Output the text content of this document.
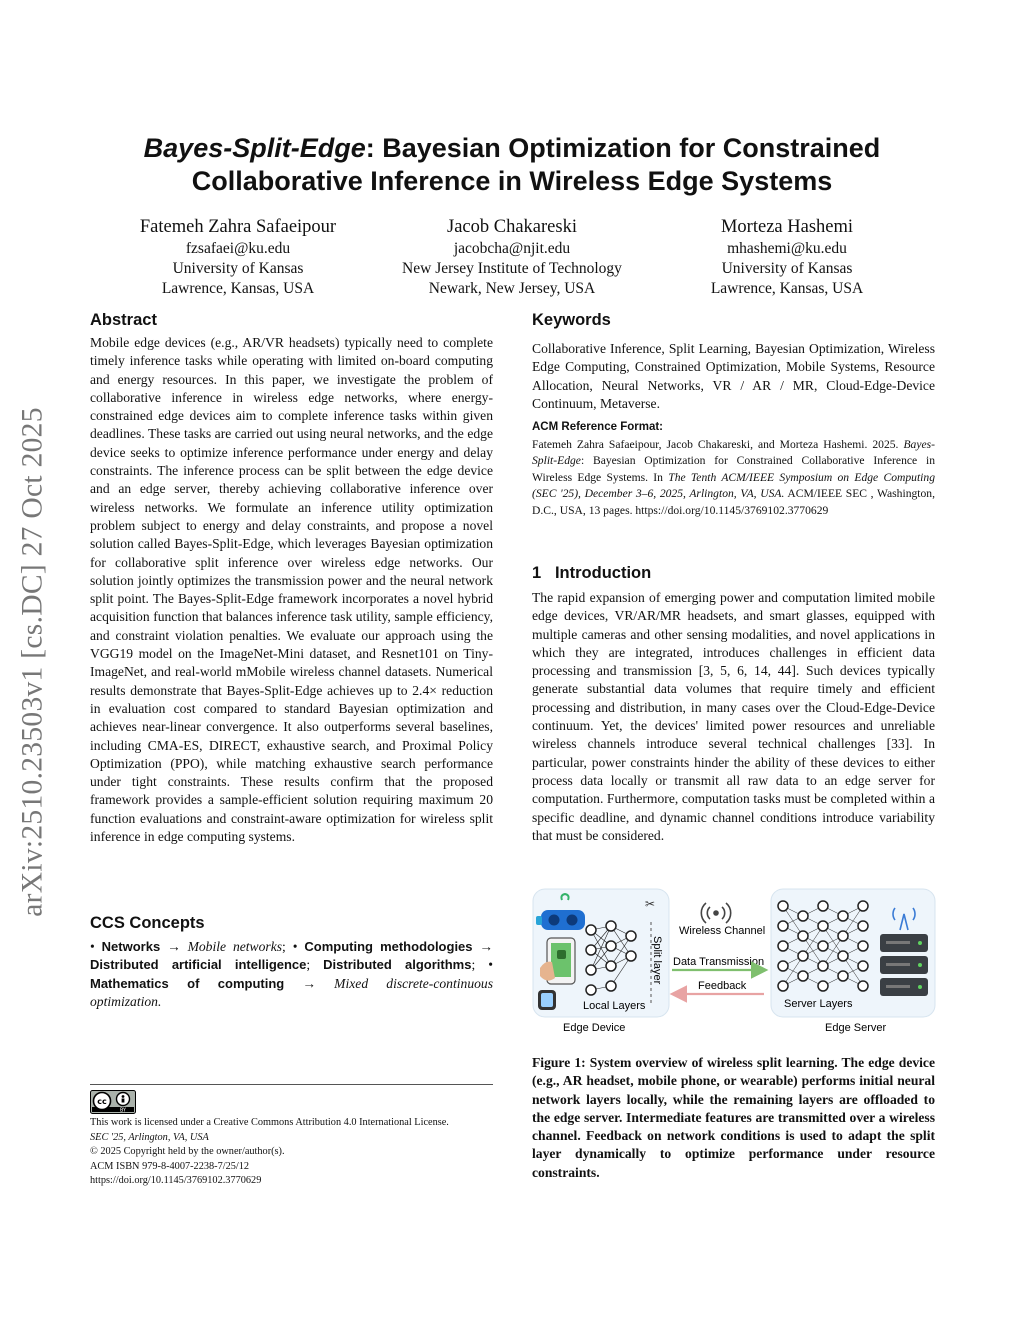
arXiv:2510.23503v1 [cs.DC] 27 Oct 2025
Bayes-Split-Edge: Bayesian Optimization for Constrained
Collaborative Inference in Wireless Edge Systems
Fatemeh Zahra Safaeipour
fzsafaei@ku.edu
University of Kansas
Lawrence, Kansas, USA
Jacob Chakareski
jacobcha@njit.edu
New Jersey Institute of Technology
Newark, New Jersey, USA
Morteza Hashemi
mhashemi@ku.edu
University of Kansas
Lawrence, Kansas, USA
Abstract
Mobile edge devices (e.g., AR/VR headsets) typically need to complete timely inference tasks while operating with limited on-board computing and energy resources. In this paper, we investigate the problem of collaborative inference in wireless edge networks, where energy-constrained edge devices aim to complete inference tasks within given deadlines. These tasks are carried out using neural networks, and the edge device seeks to optimize inference performance under energy and delay constraints. The inference process can be split between the edge device and an edge server, thereby achieving collaborative inference over wireless networks. We formulate an inference utility optimization problem subject to energy and delay constraints, and propose a novel solution called Bayes-Split-Edge, which leverages Bayesian optimization for collaborative split inference over wireless edge networks. Our solution jointly optimizes the transmission power and the neural network split point. The Bayes-Split-Edge framework incorporates a novel hybrid acquisition function that balances inference task utility, sample efficiency, and constraint violation penalties. We evaluate our approach using the VGG19 model on the ImageNet-Mini dataset, and Resnet101 on Tiny-ImageNet, and real-world mMobile wireless channel datasets. Numerical results demonstrate that Bayes-Split-Edge achieves up to 2.4× reduction in evaluation cost compared to standard Bayesian optimization and achieves near-linear convergence. It also outperforms several baselines, including CMA-ES, DIRECT, exhaustive search, and Proximal Policy Optimization (PPO), while matching exhaustive search performance under tight constraints. These results confirm that the proposed framework provides a sample-efficient solution requiring maximum 20 function evaluations and constraint-aware optimization for wireless split inference in edge computing systems.
CCS Concepts
• Networks → Mobile networks; • Computing methodologies → Distributed artificial intelligence; Distributed algorithms; • Mathematics of computing → Mixed discrete-continuous optimization.
cc
BY
This work is licensed under a Creative Commons Attribution 4.0 International License.
SEC '25, Arlington, VA, USA
© 2025 Copyright held by the owner/author(s).
ACM ISBN 979-8-4007-2238-7/25/12
https://doi.org/10.1145/3769102.3770629
Keywords
Collaborative Inference, Split Learning, Bayesian Optimization, Wireless Edge Computing, Constrained Optimization, Mobile Systems, Resource Allocation, Neural Networks, VR / AR / MR, Cloud-Edge-Device Continuum, Metaverse.
ACM Reference Format:
Fatemeh Zahra Safaeipour, Jacob Chakareski, and Morteza Hashemi. 2025. Bayes-Split-Edge: Bayesian Optimization for Constrained Collaborative Inference in Wireless Edge Systems. In The Tenth ACM/IEEE Symposium on Edge Computing (SEC '25), December 3–6, 2025, Arlington, VA, USA. ACM/IEEE SEC , Washington, D.C., USA, 13 pages. https://doi.org/10.1145/3769102.3770629
1 Introduction
The rapid expansion of emerging power and computation limited mobile edge devices, VR/AR/MR headsets, and smart glasses, equipped with multiple cameras and other sensing modalities, and novel applications in which they are integrated, introduces challenges in efficient data processing and transmission [3, 5, 6, 14, 44]. Such devices typically generate substantial data volumes that require timely and efficient processing and distribution, in many cases over the Cloud-Edge-Device continuum. Yet, the devices' limited power resources and unreliable wireless channels introduce several technical challenges [33]. In particular, power constraints hinder the ability of these devices to either process data locally or transmit all raw data to an edge server for computation. Furthermore, computation tasks must be completed within a specific deadline, and dynamic channel conditions introduce variability that must be considered.
✂
Split layer
Local Layers
Wireless Channel
Data Transmission
Feedback
Server Layers
Edge Device	Edge Server
Figure 1: System overview of wireless split learning. The edge device (e.g., AR headset, mobile phone, or wearable) performs initial neural network layers locally, while the remaining layers are offloaded to the edge server. Intermediate features are transmitted over a wireless channel. Feedback on network conditions is used to adapt the split layer dynamically to optimize performance under resource constraints.
